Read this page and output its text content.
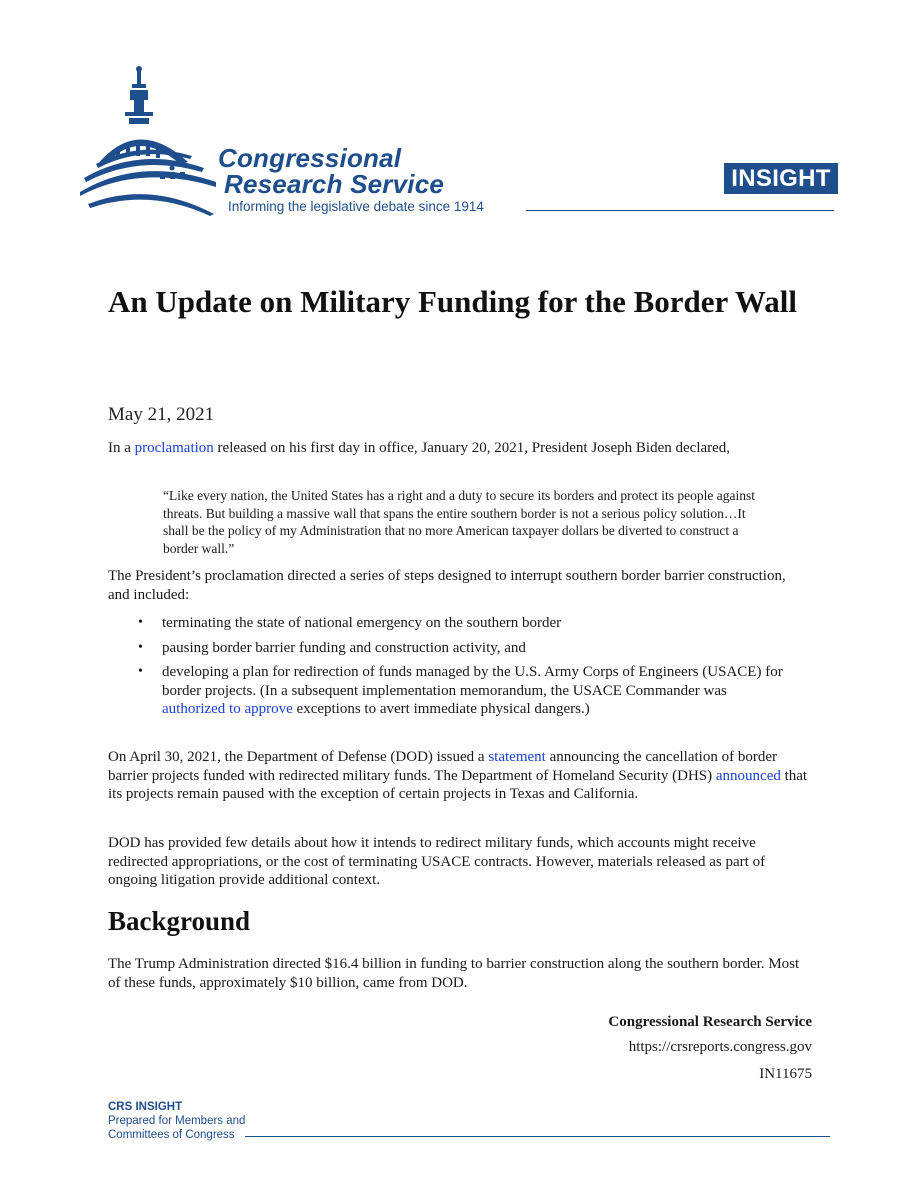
Congressional
Research Service
Informing the legislative debate since 1914
INSIGHT
An Update on Military Funding for the Border Wall
May 21, 2021
In a proclamation released on his first day in office, January 20, 2021, President Joseph Biden declared,
“Like every nation, the United States has a right and a duty to secure its borders and protect its people against threats. But building a massive wall that spans the entire southern border is not a serious policy solution…It shall be the policy of my Administration that no more American taxpayer dollars be diverted to construct a border wall.”
The President’s proclamation directed a series of steps designed to interrupt southern border barrier construction, and included:
• terminating the state of national emergency on the southern border
• pausing border barrier funding and construction activity, and
• developing a plan for redirection of funds managed by the U.S. Army Corps of Engineers (USACE) for border projects. (In a subsequent implementation memorandum, the USACE Commander was authorized to approve exceptions to avert immediate physical dangers.)
On April 30, 2021, the Department of Defense (DOD) issued a statement announcing the cancellation of border barrier projects funded with redirected military funds. The Department of Homeland Security (DHS) announced that its projects remain paused with the exception of certain projects in Texas and California.
DOD has provided few details about how it intends to redirect military funds, which accounts might receive redirected appropriations, or the cost of terminating USACE contracts. However, materials released as part of ongoing litigation provide additional context.
Background
The Trump Administration directed $16.4 billion in funding to barrier construction along the southern border. Most of these funds, approximately $10 billion, came from DOD.
Congressional Research Service
https://crsreports.congress.gov
IN11675
CRS INSIGHT
Prepared for Members and
Committees of Congress
